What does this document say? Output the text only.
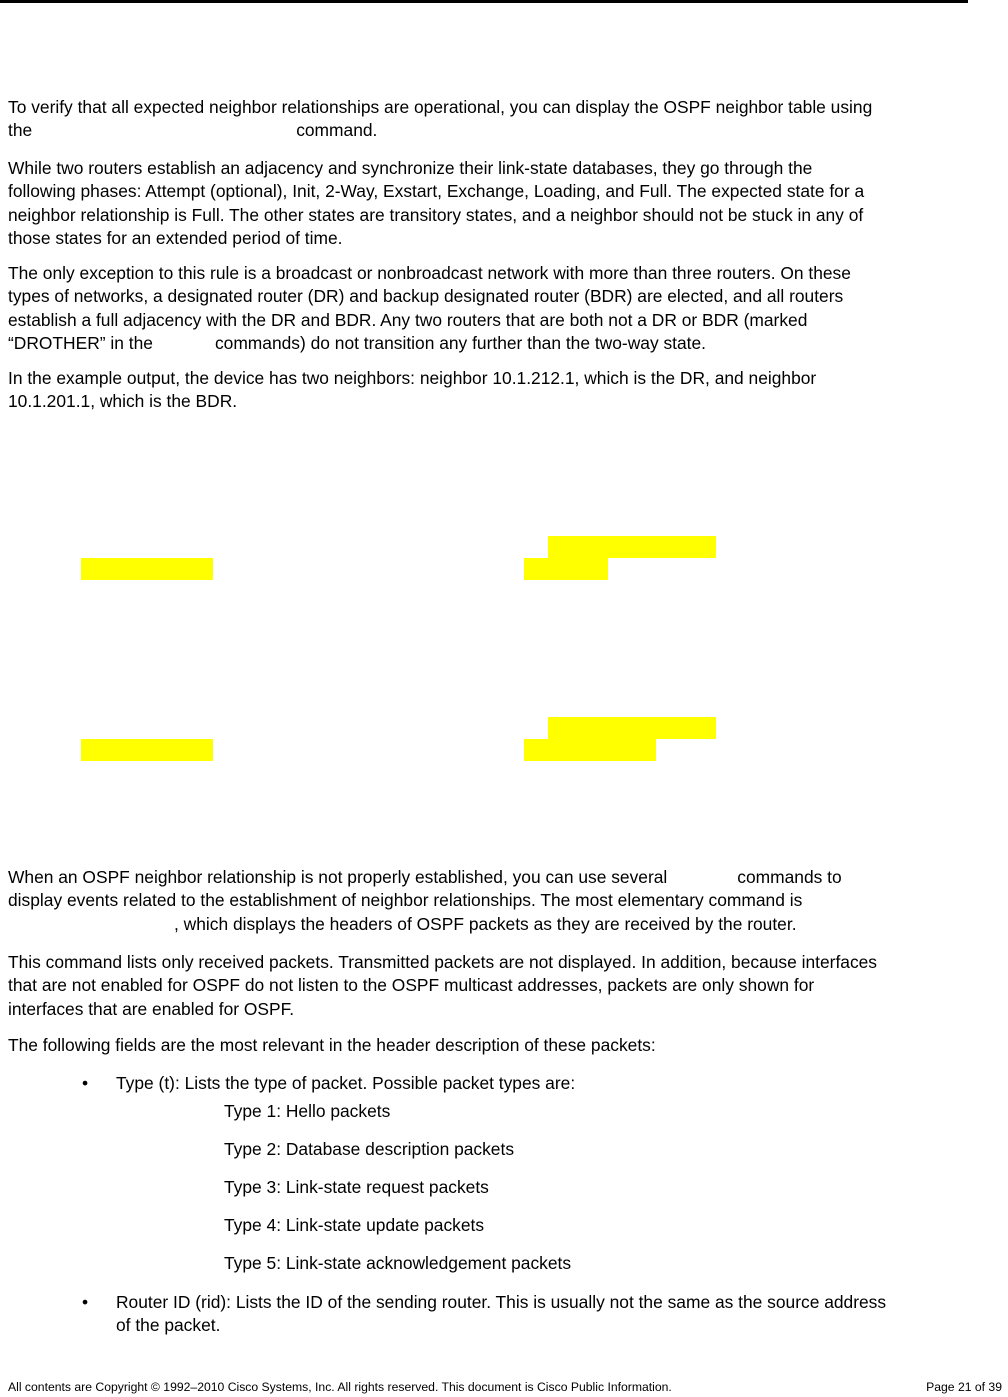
To verify that all expected neighbor relationships are operational, you can display the OSPF neighbor table using
the	command.

While two routers establish an adjacency and synchronize their link-state databases, they go through the
following phases: Attempt (optional), Init, 2-Way, Exstart, Exchange, Loading, and Full. The expected state for a
neighbor relationship is Full. The other states are transitory states, and a neighbor should not be stuck in any of
those states for an extended period of time.

The only exception to this rule is a broadcast or nonbroadcast network with more than three routers. On these
types of networks, a designated router (DR) and backup designated router (BDR) are elected, and all routers
establish a full adjacency with the DR and BDR. Any two routers that are both not a DR or BDR (marked
“DROTHER” in the	commands) do not transition any further than the two-way state.

In the example output, the device has two neighbors: neighbor 10.1.212.1, which is the DR, and neighbor
10.1.201.1, which is the BDR.

When an OSPF neighbor relationship is not properly established, you can use several	commands to
display events related to the establishment of neighbor relationships. The most elementary command is
, which displays the headers of OSPF packets as they are received by the router.

This command lists only received packets. Transmitted packets are not displayed. In addition, because interfaces
that are not enabled for OSPF do not listen to the OSPF multicast addresses, packets are only shown for
interfaces that are enabled for OSPF.

The following fields are the most relevant in the header description of these packets:

• Type (t): Lists the type of packet. Possible packet types are:
Type 1: Hello packets
Type 2: Database description packets
Type 3: Link-state request packets
Type 4: Link-state update packets
Type 5: Link-state acknowledgement packets
• Router ID (rid): Lists the ID of the sending router. This is usually not the same as the source address
of the packet.
All contents are Copyright © 1992–2010 Cisco Systems, Inc. All rights reserved. This document is Cisco Public Information.	Page 21 of 39
